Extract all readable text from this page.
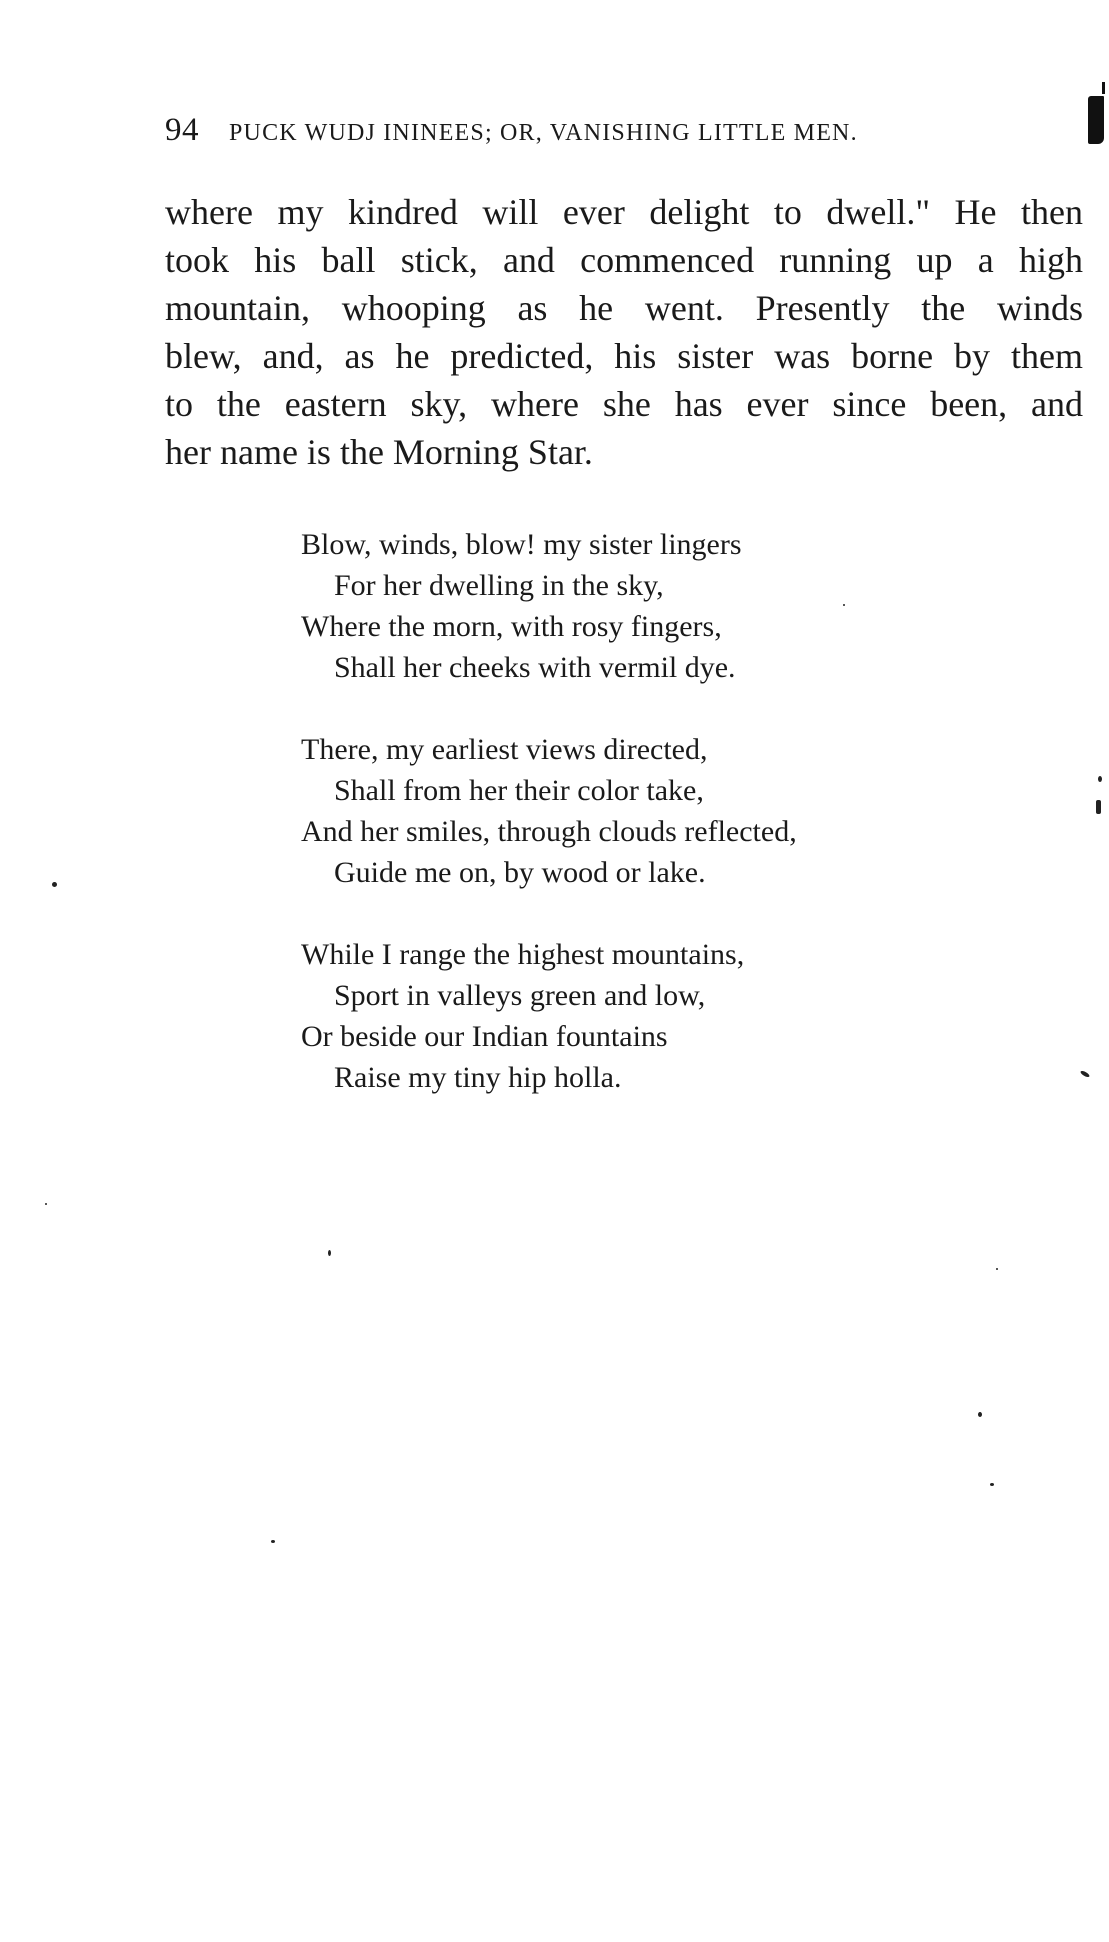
94 PUCK WUDJ ININEES; OR, VANISHING LITTLE MEN.
where my kindred will ever delight to dwell." He then
took his ball stick, and commenced running up a high
mountain, whooping as he went. Presently the winds
blew, and, as he predicted, his sister was borne by them
to the eastern sky, where she has ever since been, and
her name is the Morning Star.
Blow, winds, blow! my sister lingers
For her dwelling in the sky,
Where the morn, with rosy fingers,
Shall her cheeks with vermil dye.
There, my earliest views directed,
Shall from her their color take,
And her smiles, through clouds reflected,
Guide me on, by wood or lake.
While I range the highest mountains,
Sport in valleys green and low,
Or beside our Indian fountains
Raise my tiny hip holla.
